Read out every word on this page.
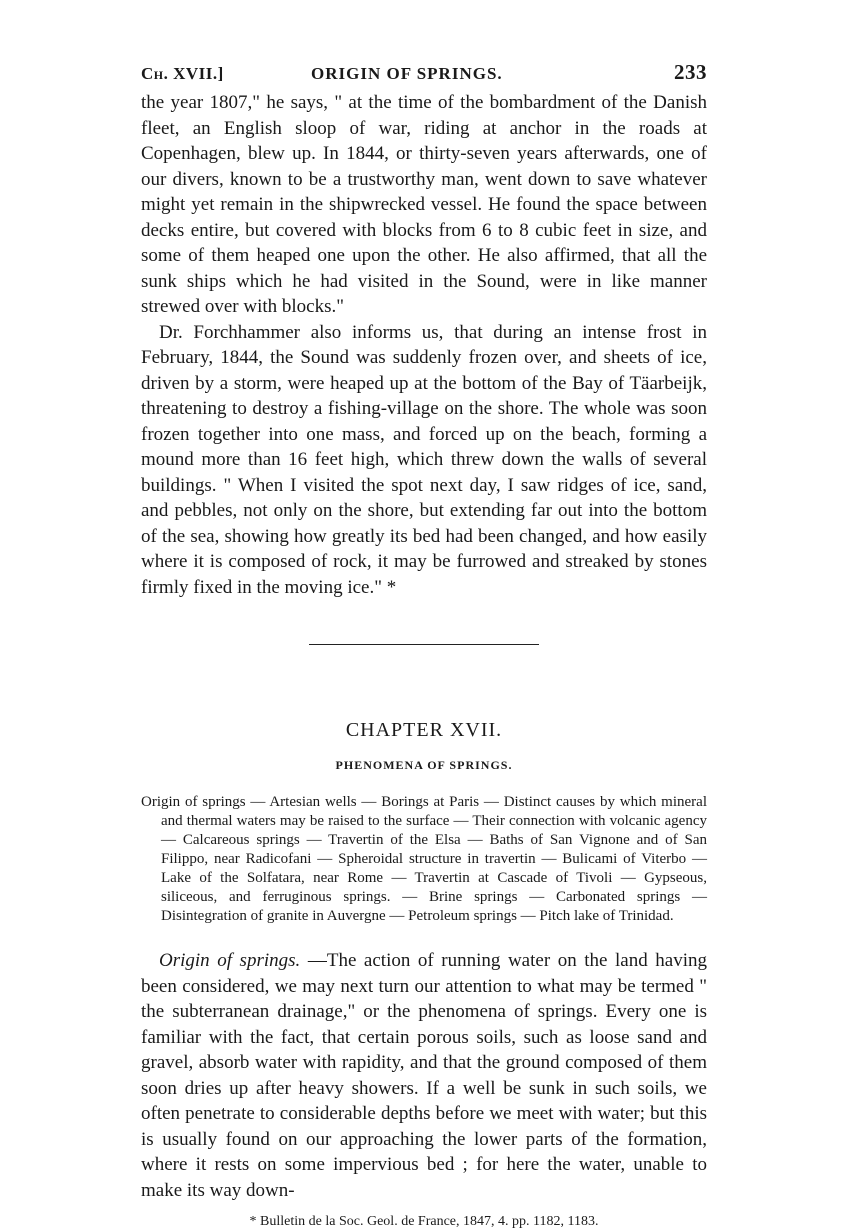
Ch. XVII.]	ORIGIN OF SPRINGS.	233

the year 1807," he says, " at the time of the bombardment of the Danish fleet, an English sloop of war, riding at anchor in the roads at Copenhagen, blew up. In 1844, or thirty-seven years afterwards, one of our divers, known to be a trustworthy man, went down to save whatever might yet remain in the shipwrecked vessel. He found the space between decks entire, but covered with blocks from 6 to 8 cubic feet in size, and some of them heaped one upon the other. He also affirmed, that all the sunk ships which he had visited in the Sound, were in like manner strewed over with blocks."

Dr. Forchhammer also informs us, that during an intense frost in February, 1844, the Sound was suddenly frozen over, and sheets of ice, driven by a storm, were heaped up at the bottom of the Bay of Täarbeijk, threatening to destroy a fishing-village on the shore. The whole was soon frozen together into one mass, and forced up on the beach, forming a mound more than 16 feet high, which threw down the walls of several buildings. " When I visited the spot next day, I saw ridges of ice, sand, and pebbles, not only on the shore, but extending far out into the bottom of the sea, showing how greatly its bed had been changed, and how easily where it is composed of rock, it may be furrowed and streaked by stones firmly fixed in the moving ice." *

CHAPTER XVII.
PHENOMENA OF SPRINGS.
Origin of springs — Artesian wells — Borings at Paris — Distinct causes by which mineral and thermal waters may be raised to the surface — Their connection with volcanic agency — Calcareous springs — Travertin of the Elsa — Baths of San Vignone and of San Filippo, near Radicofani — Spheroidal structure in travertin — Bulicami of Viterbo — Lake of the Solfatara, near Rome — Travertin at Cascade of Tivoli — Gypseous, siliceous, and ferruginous springs. — Brine springs — Carbonated springs — Disintegration of granite in Auvergne — Petroleum springs — Pitch lake of Trinidad.

Origin of springs. —The action of running water on the land having been considered, we may next turn our attention to what may be termed " the subterranean drainage," or the phenomena of springs. Every one is familiar with the fact, that certain porous soils, such as loose sand and gravel, absorb water with rapidity, and that the ground composed of them soon dries up after heavy showers. If a well be sunk in such soils, we often penetrate to considerable depths before we meet with water; but this is usually found on our approaching the lower parts of the formation, where it rests on some impervious bed ; for here the water, unable to make its way down-

* Bulletin de la Soc. Geol. de France, 1847, 4. pp. 1182, 1183.
